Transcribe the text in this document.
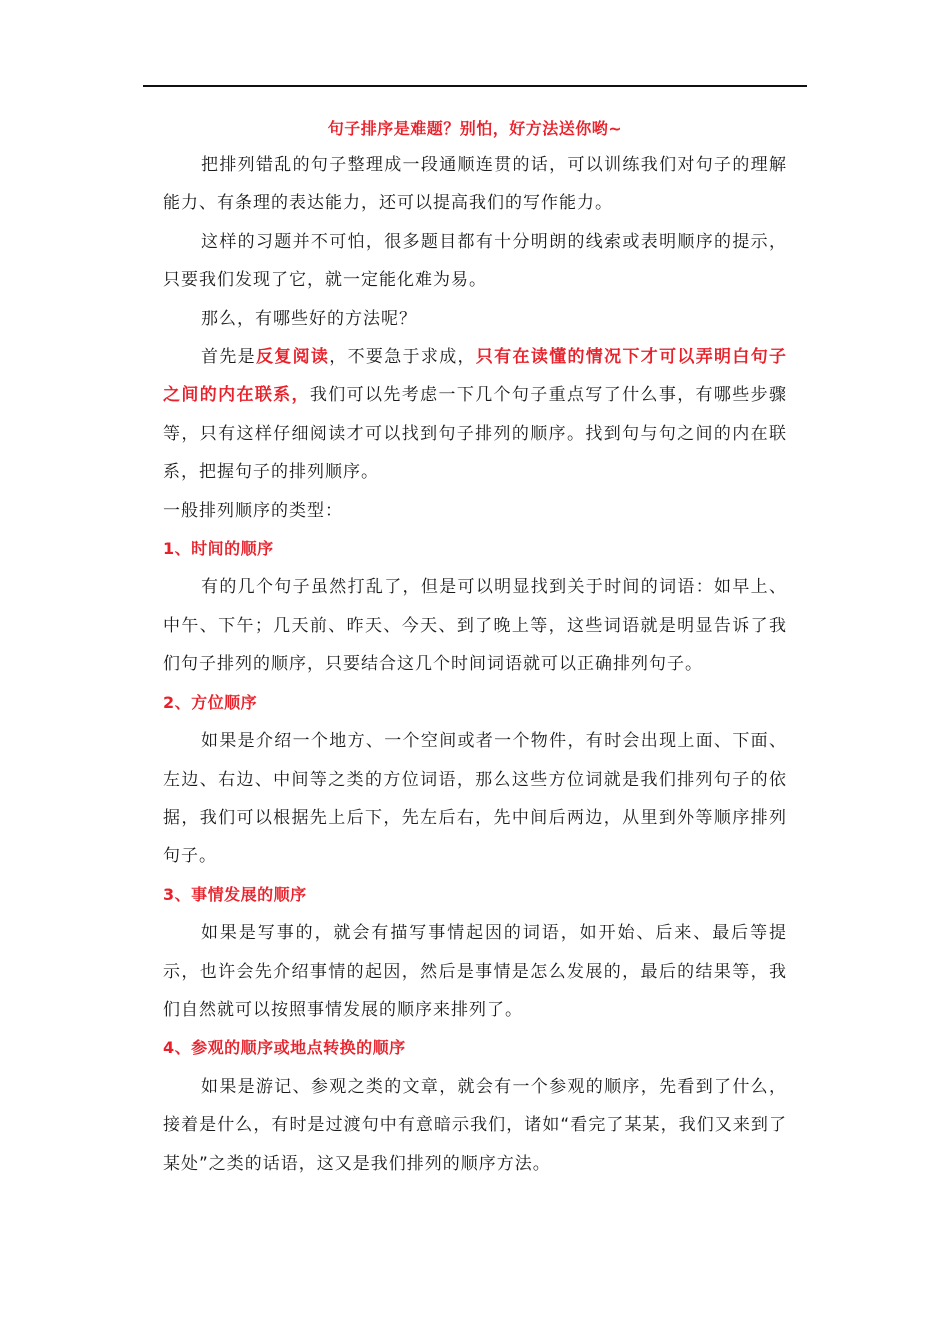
句子排序是难题？别怕，好方法送你哟~

把排列错乱的句子整理成一段通顺连贯的话，可以训练我们对句子的理解能力、有条理的表达能力，还可以提高我们的写作能力。

这样的习题并不可怕，很多题目都有十分明朗的线索或表明顺序的提示，只要我们发现了它，就一定能化难为易。

那么，有哪些好的方法呢？

首先是反复阅读，不要急于求成，只有在读懂的情况下才可以弄明白句子之间的内在联系，我们可以先考虑一下几个句子重点写了什么事，有哪些步骤等，只有这样仔细阅读才可以找到句子排列的顺序。找到句与句之间的内在联系，把握句子的排列顺序。

一般排列顺序的类型：

1、时间的顺序

有的几个句子虽然打乱了，但是可以明显找到关于时间的词语：如早上、中午、下午；几天前、昨天、今天、到了晚上等，这些词语就是明显告诉了我们句子排列的顺序，只要结合这几个时间词语就可以正确排列句子。

2、方位顺序

如果是介绍一个地方、一个空间或者一个物件，有时会出现上面、下面、左边、右边、中间等之类的方位词语，那么这些方位词就是我们排列句子的依据，我们可以根据先上后下，先左后右，先中间后两边，从里到外等顺序排列句子。

3、事情发展的顺序

如果是写事的，就会有描写事情起因的词语，如开始、后来、最后等提示，也许会先介绍事情的起因，然后是事情是怎么发展的，最后的结果等，我们自然就可以按照事情发展的顺序来排列了。

4、参观的顺序或地点转换的顺序

如果是游记、参观之类的文章，就会有一个参观的顺序，先看到了什么，接着是什么，有时是过渡句中有意暗示我们，诸如“看完了某某，我们又来到了某处”之类的话语，这又是我们排列的顺序方法。
